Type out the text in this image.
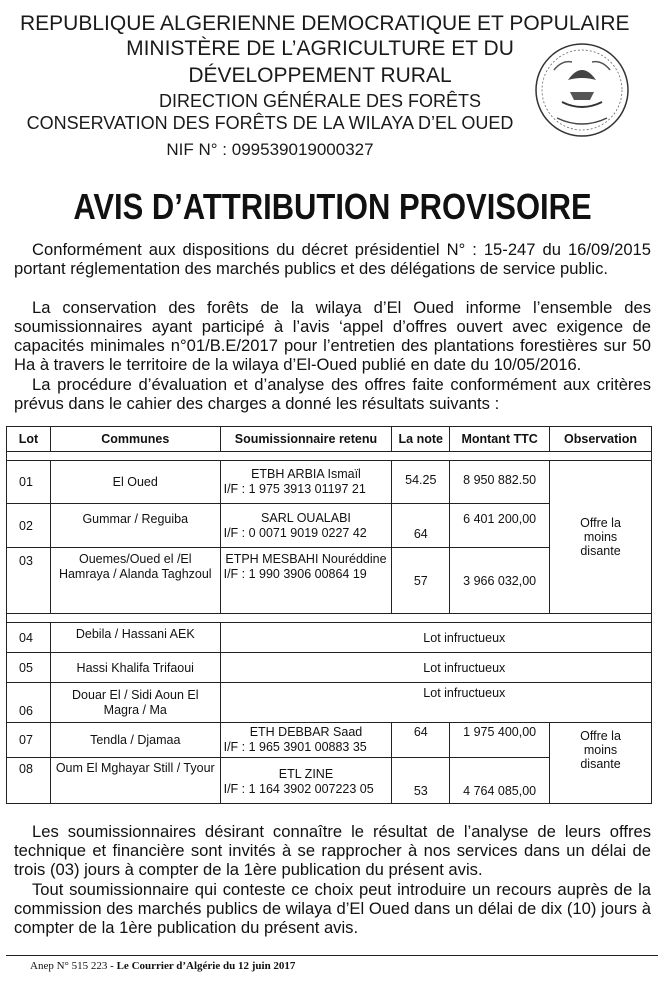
REPUBLIQUE ALGERIENNE DEMOCRATIQUE ET POPULAIRE
MINISTÈRE DE L’AGRICULTURE ET DU
DÉVELOPPEMENT RURAL
DIRECTION GÉNÉRALE DES FORÊTS
CONSERVATION DES FORÊTS DE LA WILAYA D’EL OUED
NIF N° : 099539019000327
AVIS D’ATTRIBUTION PROVISOIRE
Conformément aux dispositions du décret présidentiel N° : 15-247 du 16/09/2015 portant réglementation des marchés publics et des délégations de service public.
La conservation des forêts de la wilaya d’El Oued informe l’ensemble des soumissionnaires ayant participé à l’avis ‘appel d’offres ouvert avec exigence de capacités minimales n°01/B.E/2017 pour l’entretien des plantations forestières sur 50 Ha à travers le territoire de la wilaya d’El-Oued publié en date du 10/05/2016.
La procédure d’évaluation et d’analyse des offres faite conformément aux critères prévus dans le cahier des charges a donné les résultats suivants :
Lot	Communes	Soumissionnaire retenu	La note	Montant TTC	Observation

01	El Oued	ETBH ARBIA Ismaïl
I/F : 1 975 3913 01197 21	54.25	8 950 882.50	Offre la moins disante
02	Gummar / Reguiba	SARL OUALABI
I/F : 0 0071 9019 0227 42	64	6 401 200,00	
03	Ouemes/Oued el /El Hamraya / Alanda Taghzoul	ETPH MESBAHI Nouréddine
I/F : 1 990 3906 00864 19	57	3 966 032,00	

04	Debila / Hassani AEK	Lot infructueux			
05	Hassi Khalifa Trifaoui	Lot infructueux			
06	Douar El / Sidi Aoun El Magra / Ma	Lot infructueux			
07	Tendla / Djamaa	ETH DEBBAR Saad
I/F : 1 965 3901 00883 35	64	1 975 400,00	Offre la moins disante
08	Oum El Mghayar Still / Tyour	ETL ZINE
I/F : 1 164 3902 007223 05	53	4 764 085,00	
Les soumissionnaires désirant connaître le résultat de l’analyse de leurs offres technique et financière sont invités à se rapprocher à nos services dans un délai de trois (03) jours à compter de la 1ère publication du présent avis.
Tout soumissionnaire qui conteste ce choix peut introduire un recours auprès de la commission des marchés publics de wilaya d’El Oued dans un délai de dix (10) jours à compter de la 1ère publication du présent avis.
Anep N° 515 223 - Le Courrier d’Algérie du 12 juin 2017
